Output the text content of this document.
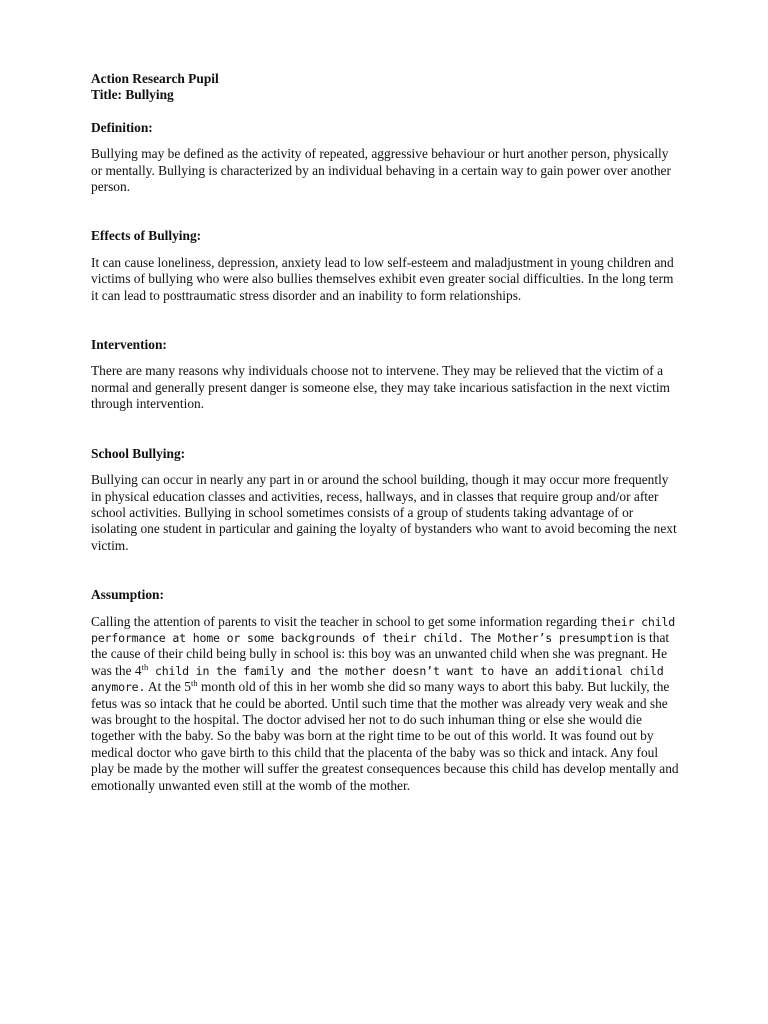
Action Research Pupil
Title: Bullying
Definition:

Bullying may be defined as the activity of repeated, aggressive behaviour or hurt another person, physically or mentally. Bullying is characterized by an individual behaving in a certain way to gain power over another person.

Effects of Bullying:

It can cause loneliness, depression, anxiety lead to low self-esteem and maladjustment in young children and victims of bullying who were also bullies themselves exhibit even greater social difficulties. In the long term it can lead to posttraumatic stress disorder and an inability to form relationships.

Intervention:

There are many reasons why individuals choose not to intervene. They may be relieved that the victim of a normal and generally present danger is someone else, they may take incarious satisfaction in the next victim through intervention.

School Bullying:

Bullying can occur in nearly any part in or around the school building, though it may occur more frequently in physical education classes and activities, recess, hallways, and in classes that require group and/or after school activities. Bullying in school sometimes consists of a group of students taking advantage of or isolating one student in particular and gaining the loyalty of bystanders who want to avoid becoming the next victim.

Assumption:

Calling the attention of parents to visit the teacher in school to get some information regarding their child performance at home or some backgrounds of their child. The Mother’s presumption is that the cause of their child being bully in school is: this boy was an unwanted child when she was pregnant. He was the 4th child in the family and the mother doesn’t want to have an additional child anymore. At the 5th month old of this in her womb she did so many ways to abort this baby. But luckily, the fetus was so intack that he could be aborted. Until such time that the mother was already very weak and she was brought to the hospital. The doctor advised her not to do such inhuman thing or else she would die together with the baby. So the baby was born at the right time to be out of this world. It was found out by medical doctor who gave birth to this child that the placenta of the baby was so thick and intack. Any foul play be made by the mother will suffer the greatest consequences because this child has develop mentally and emotionally unwanted even still at the womb of the mother.
